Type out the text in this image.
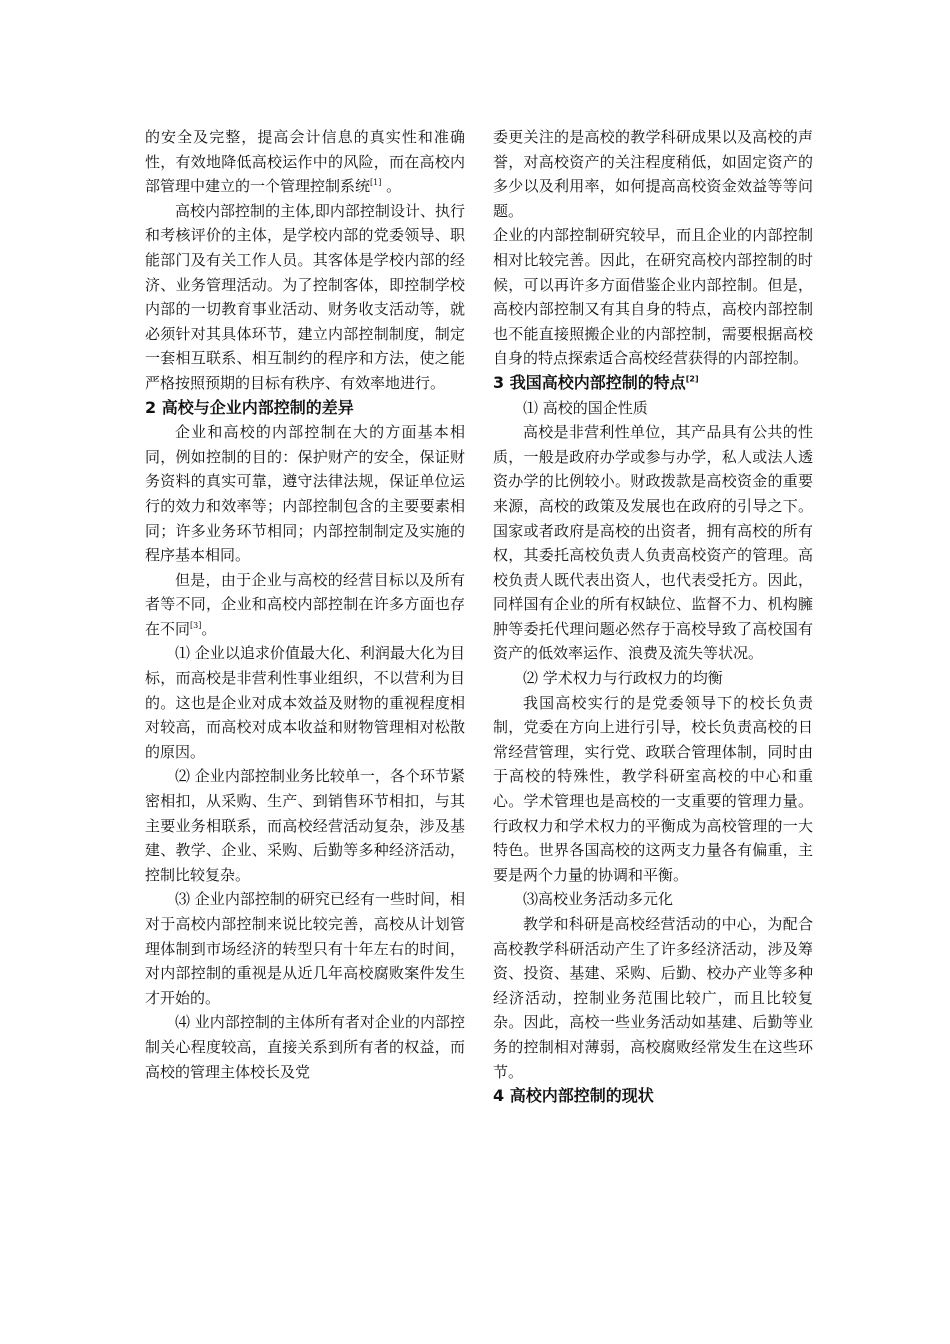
的安全及完整，提高会计信息的真实性和准确性，有效地降低高校运作中的风险，而在高校内部管理中建立的一个管理控制系统[1] 。

高校内部控制的主体,即内部控制设计、执行和考核评价的主体，是学校内部的党委领导、职能部门及有关工作人员。其客体是学校内部的经济、业务管理活动。为了控制客体，即控制学校内部的一切教育事业活动、财务收支活动等，就必须针对其具体环节，建立内部控制制度，制定一套相互联系、相互制约的程序和方法，使之能严格按照预期的目标有秩序、有效率地进行。

2 高校与企业内部控制的差异

企业和高校的内部控制在大的方面基本相同，例如控制的目的：保护财产的安全，保证财务资料的真实可靠，遵守法律法规，保证单位运行的效力和效率等；内部控制包含的主要要素相同；许多业务环节相同；内部控制制定及实施的程序基本相同。

但是，由于企业与高校的经营目标以及所有者等不同，企业和高校内部控制在许多方面也存在不同[3]。

⑴ 企业以追求价值最大化、利润最大化为目标，而高校是非营利性事业组织，不以营利为目的。这也是企业对成本效益及财物的重视程度相对较高，而高校对成本收益和财物管理相对松散的原因。

⑵ 企业内部控制业务比较单一，各个环节紧密相扣，从采购、生产、到销售环节相扣，与其主要业务相联系，而高校经营活动复杂，涉及基建、教学、企业、采购、后勤等多种经济活动，控制比较复杂。

⑶ 企业内部控制的研究已经有一些时间，相对于高校内部控制来说比较完善，高校从计划管理体制到市场经济的转型只有十年左右的时间，对内部控制的重视是从近几年高校腐败案件发生才开始的。

⑷ 业内部控制的主体所有者对企业的内部控制关心程度较高，直接关系到所有者的权益，而高校的管理主体校长及党

委更关注的是高校的教学科研成果以及高校的声誉，对高校资产的关注程度稍低，如固定资产的多少以及利用率，如何提高高校资金效益等等问题。

企业的内部控制研究较早，而且企业的内部控制相对比较完善。因此，在研究高校内部控制的时候，可以再许多方面借鉴企业内部控制。但是，高校内部控制又有其自身的特点，高校内部控制也不能直接照搬企业的内部控制，需要根据高校自身的特点探索适合高校经营获得的内部控制。

3 我国高校内部控制的特点[2]

⑴ 高校的国企性质

高校是非营利性单位，其产品具有公共的性质，一般是政府办学或参与办学，私人或法人透资办学的比例较小。财政拨款是高校资金的重要来源，高校的政策及发展也在政府的引导之下。国家或者政府是高校的出资者，拥有高校的所有权，其委托高校负责人负责高校资产的管理。高校负责人既代表出资人，也代表受托方。因此，同样国有企业的所有权缺位、监督不力、机构臃肿等委托代理问题必然存于高校导致了高校国有资产的低效率运作、浪费及流失等状况。

⑵ 学术权力与行政权力的均衡

我国高校实行的是党委领导下的校长负责制，党委在方向上进行引导，校长负责高校的日常经营管理，实行党、政联合管理体制，同时由于高校的特殊性，教学科研室高校的中心和重心。学术管理也是高校的一支重要的管理力量。行政权力和学术权力的平衡成为高校管理的一大特色。世界各国高校的这两支力量各有偏重，主要是两个力量的协调和平衡。

⑶高校业务活动多元化

教学和科研是高校经营活动的中心，为配合高校教学科研活动产生了许多经济活动，涉及筹资、投资、基建、采购、后勤、校办产业等多种经济活动，控制业务范围比较广，而且比较复杂。因此，高校一些业务活动如基建、后勤等业务的控制相对薄弱，高校腐败经常发生在这些环节。

4 高校内部控制的现状
